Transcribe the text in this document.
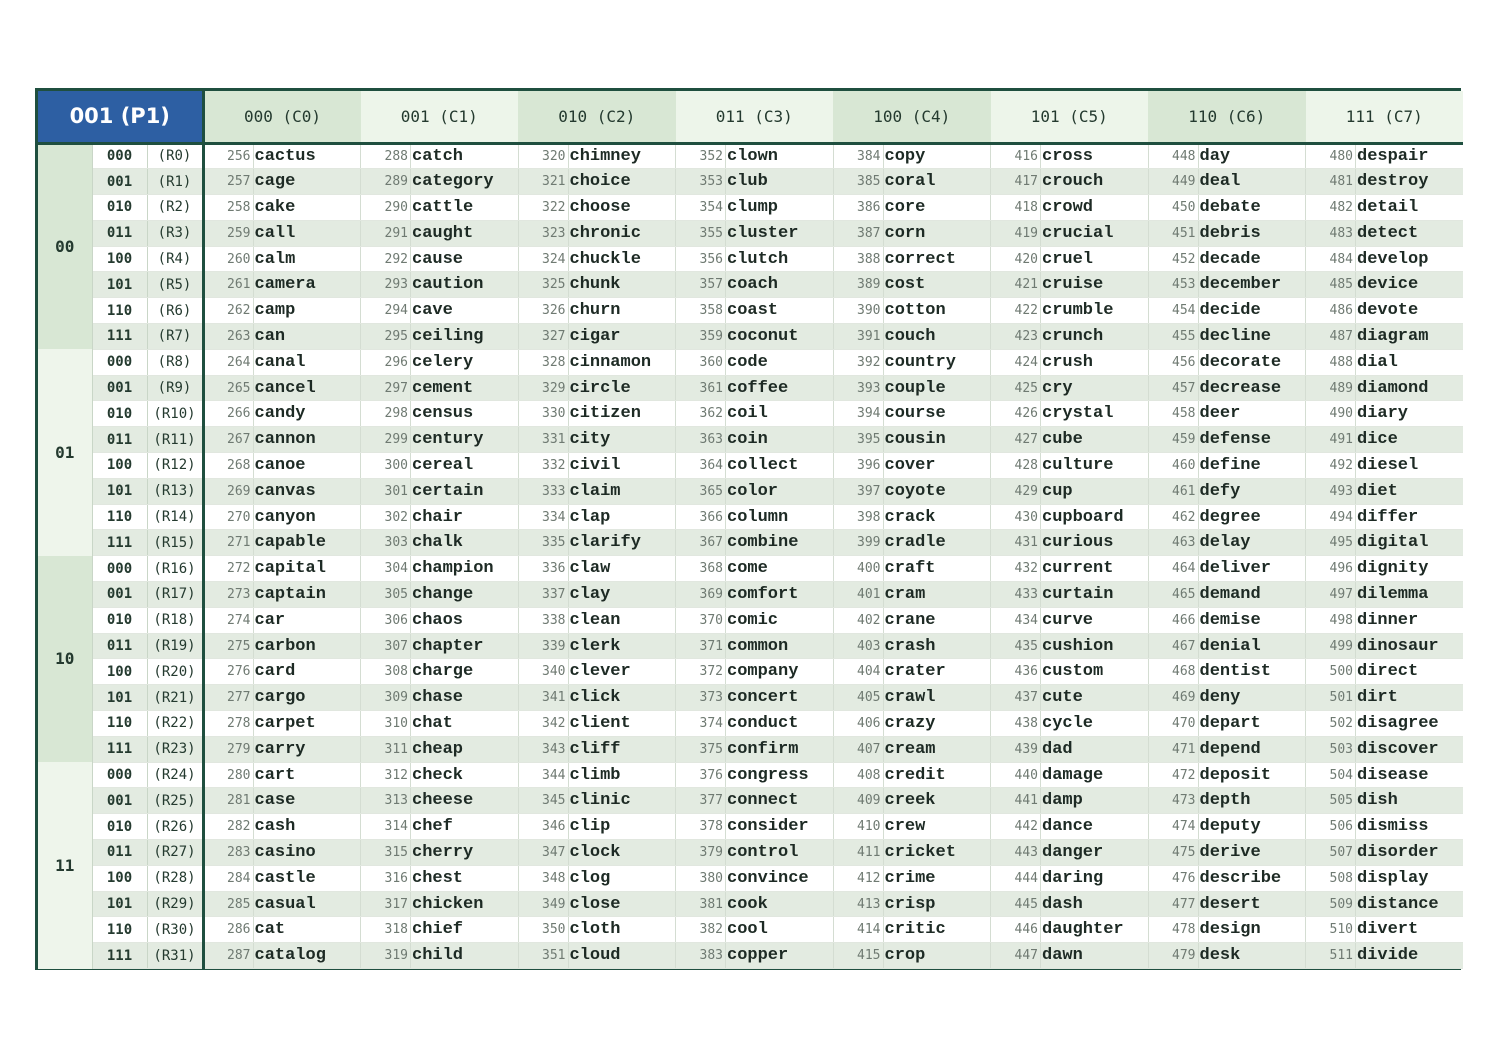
001 (P1)			000 (C0)		001 (C1)		010 (C2)		011 (C3)		100 (C4)		101 (C5)		110 (C6)		111 (C7)	
00	000	(R0)	256	cactus	288	catch	320	chimney	352	clown	384	copy	416	cross	448	day	480	despair
	001	(R1)	257	cage	289	category	321	choice	353	club	385	coral	417	crouch	449	deal	481	destroy
	010	(R2)	258	cake	290	cattle	322	choose	354	clump	386	core	418	crowd	450	debate	482	detail
	011	(R3)	259	call	291	caught	323	chronic	355	cluster	387	corn	419	crucial	451	debris	483	detect
	100	(R4)	260	calm	292	cause	324	chuckle	356	clutch	388	correct	420	cruel	452	decade	484	develop
	101	(R5)	261	camera	293	caution	325	chunk	357	coach	389	cost	421	cruise	453	december	485	device
	110	(R6)	262	camp	294	cave	326	churn	358	coast	390	cotton	422	crumble	454	decide	486	devote
	111	(R7)	263	can	295	ceiling	327	cigar	359	coconut	391	couch	423	crunch	455	decline	487	diagram
01	000	(R8)	264	canal	296	celery	328	cinnamon	360	code	392	country	424	crush	456	decorate	488	dial
	001	(R9)	265	cancel	297	cement	329	circle	361	coffee	393	couple	425	cry	457	decrease	489	diamond
	010	(R10)	266	candy	298	census	330	citizen	362	coil	394	course	426	crystal	458	deer	490	diary
	011	(R11)	267	cannon	299	century	331	city	363	coin	395	cousin	427	cube	459	defense	491	dice
	100	(R12)	268	canoe	300	cereal	332	civil	364	collect	396	cover	428	culture	460	define	492	diesel
	101	(R13)	269	canvas	301	certain	333	claim	365	color	397	coyote	429	cup	461	defy	493	diet
	110	(R14)	270	canyon	302	chair	334	clap	366	column	398	crack	430	cupboard	462	degree	494	differ
	111	(R15)	271	capable	303	chalk	335	clarify	367	combine	399	cradle	431	curious	463	delay	495	digital
10	000	(R16)	272	capital	304	champion	336	claw	368	come	400	craft	432	current	464	deliver	496	dignity
	001	(R17)	273	captain	305	change	337	clay	369	comfort	401	cram	433	curtain	465	demand	497	dilemma
	010	(R18)	274	car	306	chaos	338	clean	370	comic	402	crane	434	curve	466	demise	498	dinner
	011	(R19)	275	carbon	307	chapter	339	clerk	371	common	403	crash	435	cushion	467	denial	499	dinosaur
	100	(R20)	276	card	308	charge	340	clever	372	company	404	crater	436	custom	468	dentist	500	direct
	101	(R21)	277	cargo	309	chase	341	click	373	concert	405	crawl	437	cute	469	deny	501	dirt
	110	(R22)	278	carpet	310	chat	342	client	374	conduct	406	crazy	438	cycle	470	depart	502	disagree
	111	(R23)	279	carry	311	cheap	343	cliff	375	confirm	407	cream	439	dad	471	depend	503	discover
11	000	(R24)	280	cart	312	check	344	climb	376	congress	408	credit	440	damage	472	deposit	504	disease
	001	(R25)	281	case	313	cheese	345	clinic	377	connect	409	creek	441	damp	473	depth	505	dish
	010	(R26)	282	cash	314	chef	346	clip	378	consider	410	crew	442	dance	474	deputy	506	dismiss
	011	(R27)	283	casino	315	cherry	347	clock	379	control	411	cricket	443	danger	475	derive	507	disorder
	100	(R28)	284	castle	316	chest	348	clog	380	convince	412	crime	444	daring	476	describe	508	display
	101	(R29)	285	casual	317	chicken	349	close	381	cook	413	crisp	445	dash	477	desert	509	distance
	110	(R30)	286	cat	318	chief	350	cloth	382	cool	414	critic	446	daughter	478	design	510	divert
	111	(R31)	287	catalog	319	child	351	cloud	383	copper	415	crop	447	dawn	479	desk	511	divide
